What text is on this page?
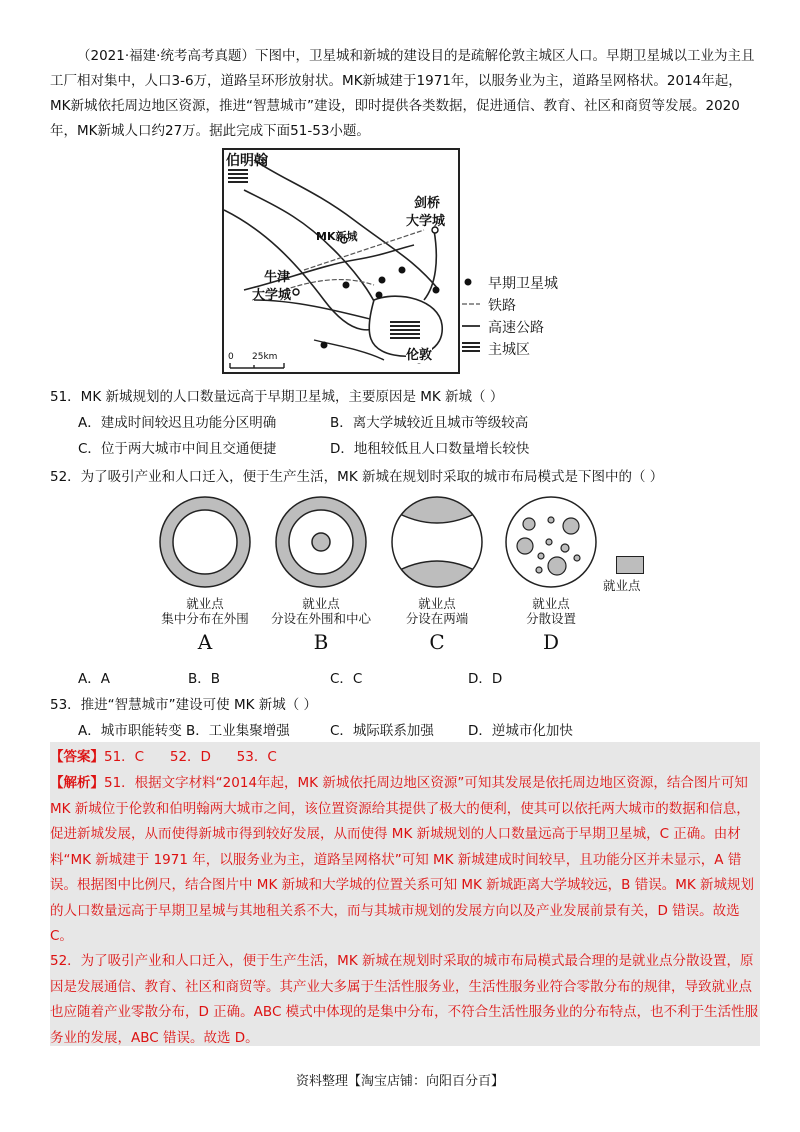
（2021·福建·统考高考真题）下图中，卫星城和新城的建设目的是疏解伦敦主城区人口。早期卫星城以工业为主且工厂相对集中，人口3-6万，道路呈环形放射状。MK新城建于1971年，以服务业为主，道路呈网格状。2014年起，MK新城依托周边地区资源，推进“智慧城市”建设，即时提供各类数据，促进通信、教育、社区和商贸等发展。2020年，MK新城人口约27万。据此完成下面51-53小题。
伯明翰
剑桥
大学城
MK新城
牛津
大学城
伦敦
0 25km
早期卫星城
铁路
高速公路
主城区
51．MK 新城规划的人口数量远高于早期卫星城，主要原因是 MK 新城（ ）
A．建成时间较迟且功能分区明确	B．离大学城较近且城市等级较高
C．位于两大城市中间且交通便捷	D．地租较低且人口数量增长较快
52．为了吸引产业和人口迁入，便于生产生活，MK 新城在规划时采取的城市布局模式是下图中的（ ）
就业点
就业点
集中分布在外围
A
就业点
分设在外围和中心
B
就业点
分设在两端
C
就业点
分散设置
D
A．A	B．B	C．C	D．D
53．推进“智慧城市”建设可使 MK 新城（ ）
A．城市职能转变 B．工业集聚增强	C．城际联系加强	D．逆城市化加快
【答案】51．C      52．D      53．C
【解析】51．根据文字材料“2014年起，MK 新城依托周边地区资源”可知其发展是依托周边地区资源，结合图片可知 MK 新城位于伦敦和伯明翰两大城市之间，该位置资源给其提供了极大的便利，使其可以依托两大城市的数据和信息，促进新城发展，从而使得新城市得到较好发展，从而使得 MK 新城规划的人口数量远高于早期卫星城，C 正确。由材料“MK 新城建于 1971 年，以服务业为主，道路呈网格状”可知 MK 新城建成时间较早，且功能分区并未显示，A 错误。根据图中比例尺，结合图片中 MK 新城和大学城的位置关系可知 MK 新城距离大学城较远，B 错误。MK 新城规划的人口数量远高于早期卫星城与其地租关系不大，而与其城市规划的发展方向以及产业发展前景有关，D 错误。故选 C。
52．为了吸引产业和人口迁入，便于生产生活，MK 新城在规划时采取的城市布局模式最合理的是就业点分散设置，原因是发展通信、教育、社区和商贸等。其产业大多属于生活性服务业，生活性服务业符合零散分布的规律，导致就业点也应随着产业零散分布，D 正确。ABC 模式中体现的是集中分布，不符合生活性服务业的分布特点，也不利于生活性服务业的发展，ABC 错误。故选 D。
资料整理【淘宝店铺：向阳百分百】
